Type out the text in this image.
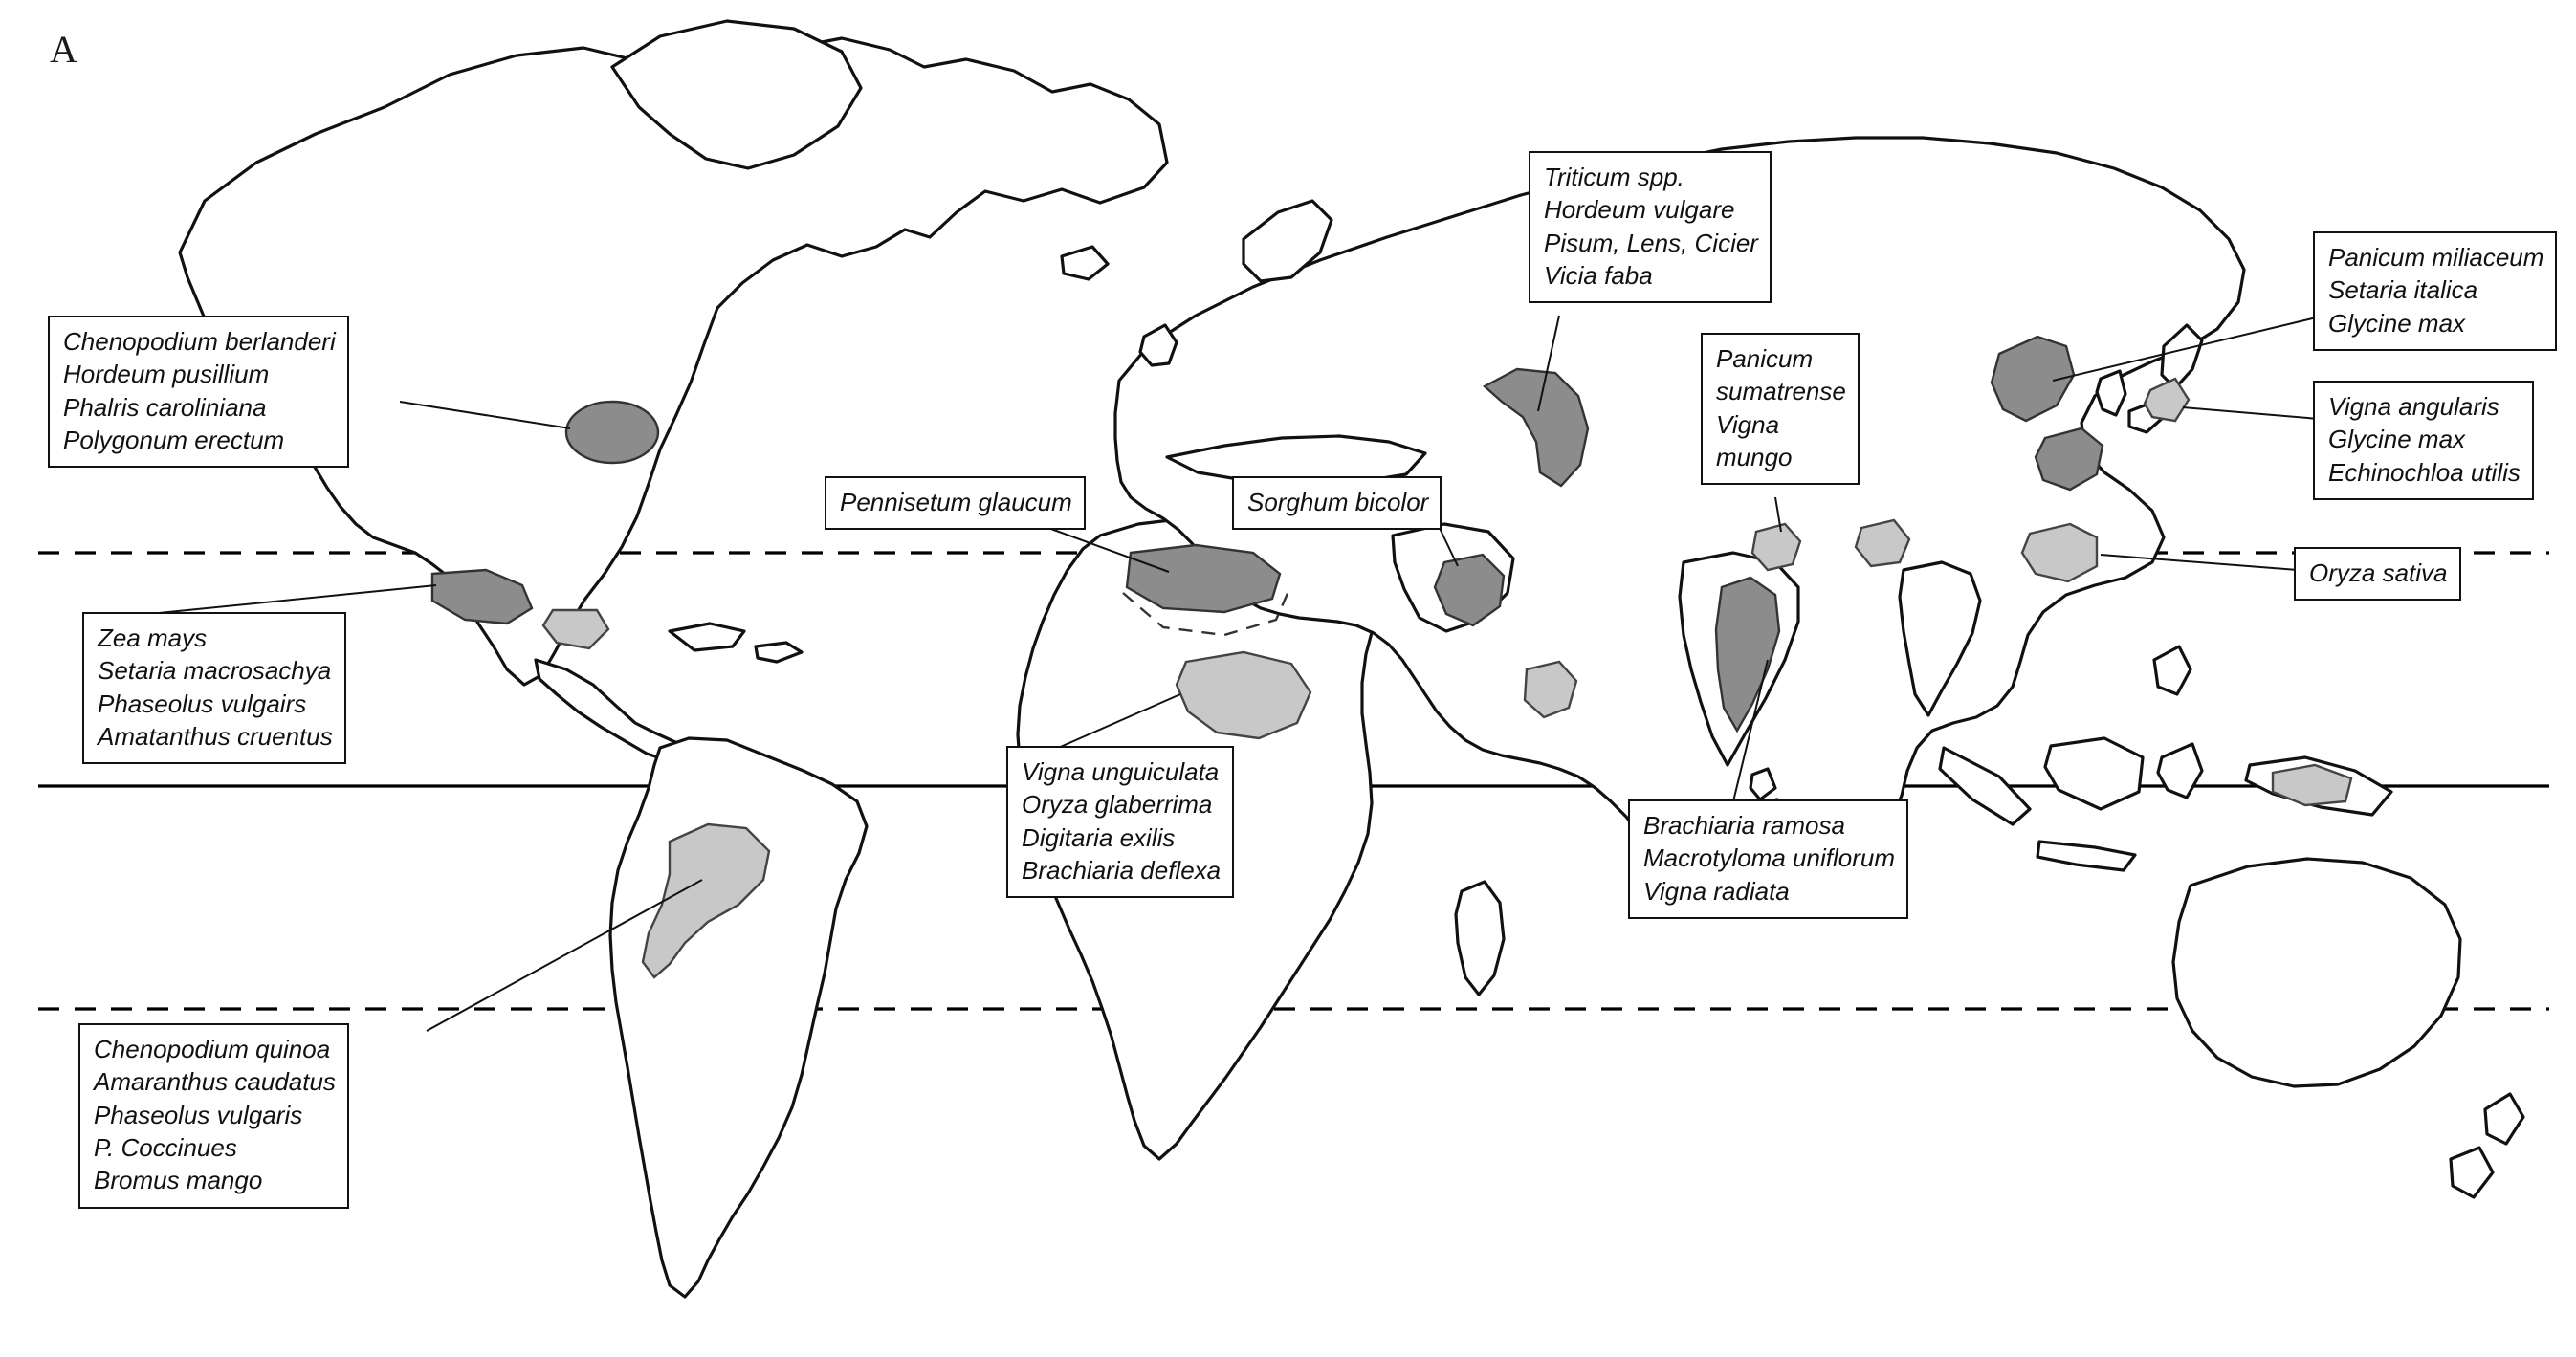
A
Chenopodium berlanderi
Hordeum pusillium
Phalris caroliniana
Polygonum erectum
Zea mays
Setaria macrosachya
Phaseolus vulgairs
Amatanthus cruentus
Chenopodium quinoa
Amaranthus caudatus
Phaseolus vulgaris
P. Coccinues
Bromus mango
Pennisetum glaucum
Vigna unguiculata
Oryza glaberrima
Digitaria exilis
Brachiaria deflexa
Sorghum bicolor
Triticum spp.
Hordeum vulgare
Pisum, Lens, Cicier
Vicia faba
Panicum
sumatrense
Vigna
mungo
Brachiaria ramosa
Macrotyloma uniflorum
Vigna radiata
Panicum miliaceum
Setaria italica
Glycine max
Vigna angularis
Glycine max
Echinochloa utilis
Oryza sativa
